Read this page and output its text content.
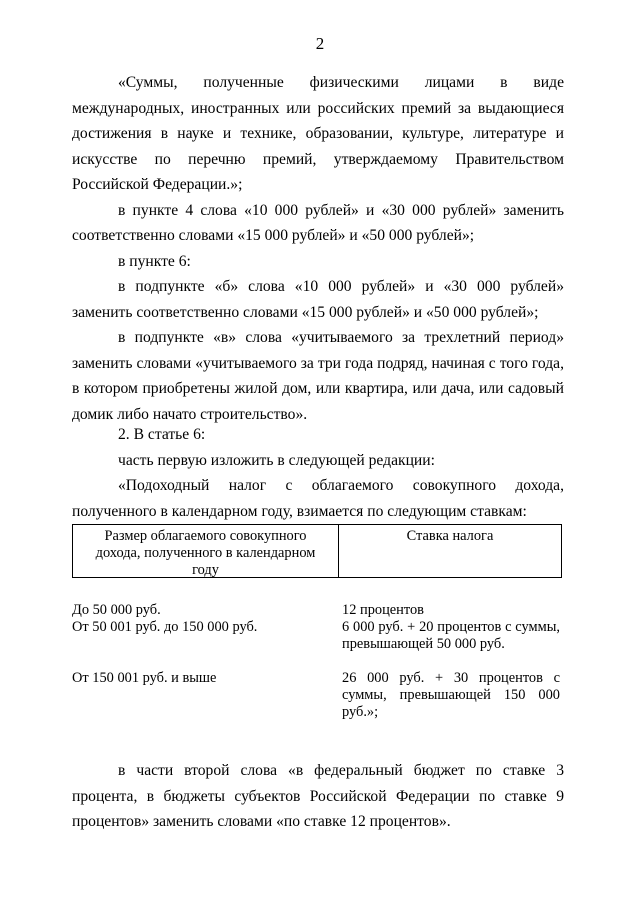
2

«Суммы, полученные физическими лицами в виде международных, иностранных или российских премий за выдающиеся достижения в науке и технике, образовании, культуре, литературе и искусстве по перечню премий, утверждаемому Правительством Российской Федерации.»;

в пункте 4 слова «10 000 рублей» и «30 000 рублей» заменить соответственно словами «15 000 рублей» и «50 000 рублей»;

в пункте 6:

в подпункте «б» слова «10 000 рублей» и «30 000 рублей» заменить соответственно словами «15 000 рублей» и «50 000 рублей»;

в подпункте «в» слова «учитываемого за трехлетний период» заменить словами «учитываемого за три года подряд, начиная с того года, в котором приобретены жилой дом, или квартира, или дача, или садовый домик либо начато строительство».

2. В статье 6:

часть первую изложить в следующей редакции:

«Подоходный налог с облагаемого совокупного дохода, полученного в календарном году, взимается по следующим ставкам:

Размер облагаемого совокупного дохода, полученного в календарном году
Ставка налога
До 50 000 руб.	12 процентов
От 50 001 руб. до 150 000 руб.	6 000 руб. + 20 процентов с суммы, превышающей 50 000 руб.
От 150 001 руб. и выше	26 000 руб. + 30 процентов с суммы, превышающей 150 000 руб.»;

в части второй слова «в федеральный бюджет по ставке 3 процента, в бюджеты субъектов Российской Федерации по ставке 9 процентов» заменить словами «по ставке 12 процентов».
